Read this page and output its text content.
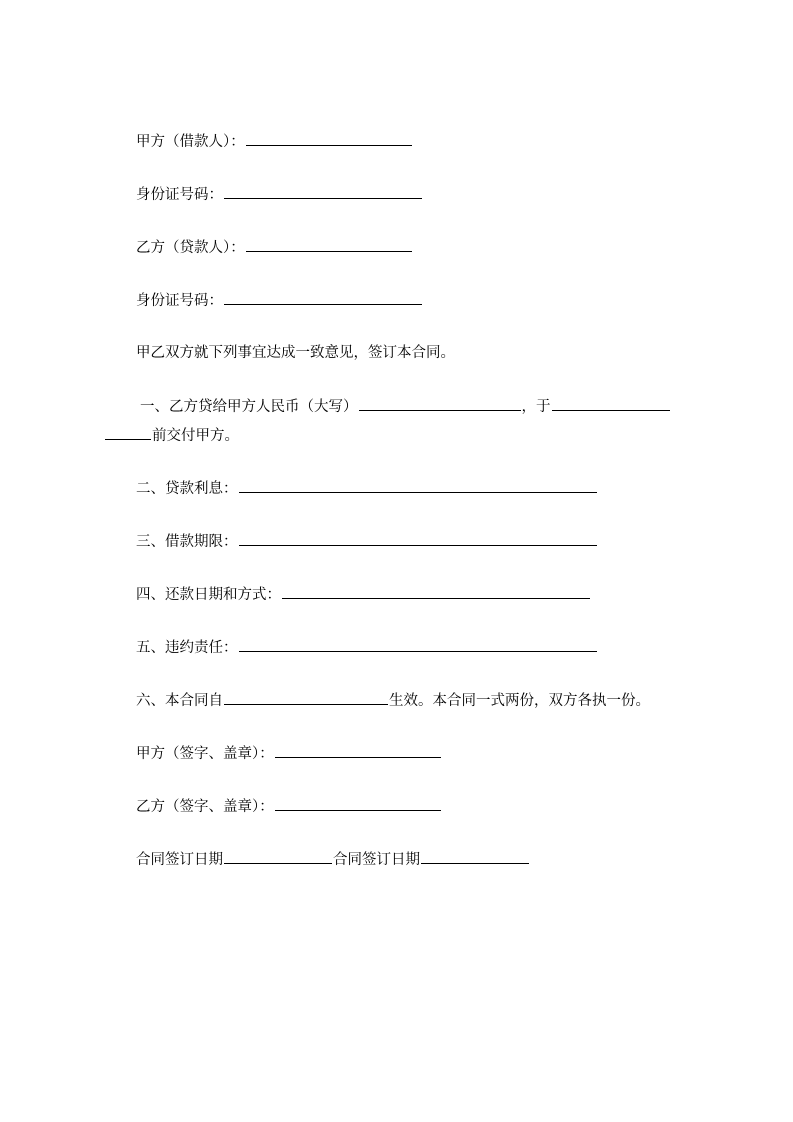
甲方（借款人）：
身份证号码：
乙方（贷款人）：
身份证号码：
甲乙双方就下列事宜达成一致意见，签订本合同。
一、乙方贷给甲方人民币（大写）	，于
前交付甲方。
二、贷款利息：
三、借款期限：
四、还款日期和方式：
五、违约责任：
六、本合同自	生效。本合同一式两份，双方各执一份。
甲方（签字、盖章）：
乙方（签字、盖章）：
合同签订日期	合同签订日期
